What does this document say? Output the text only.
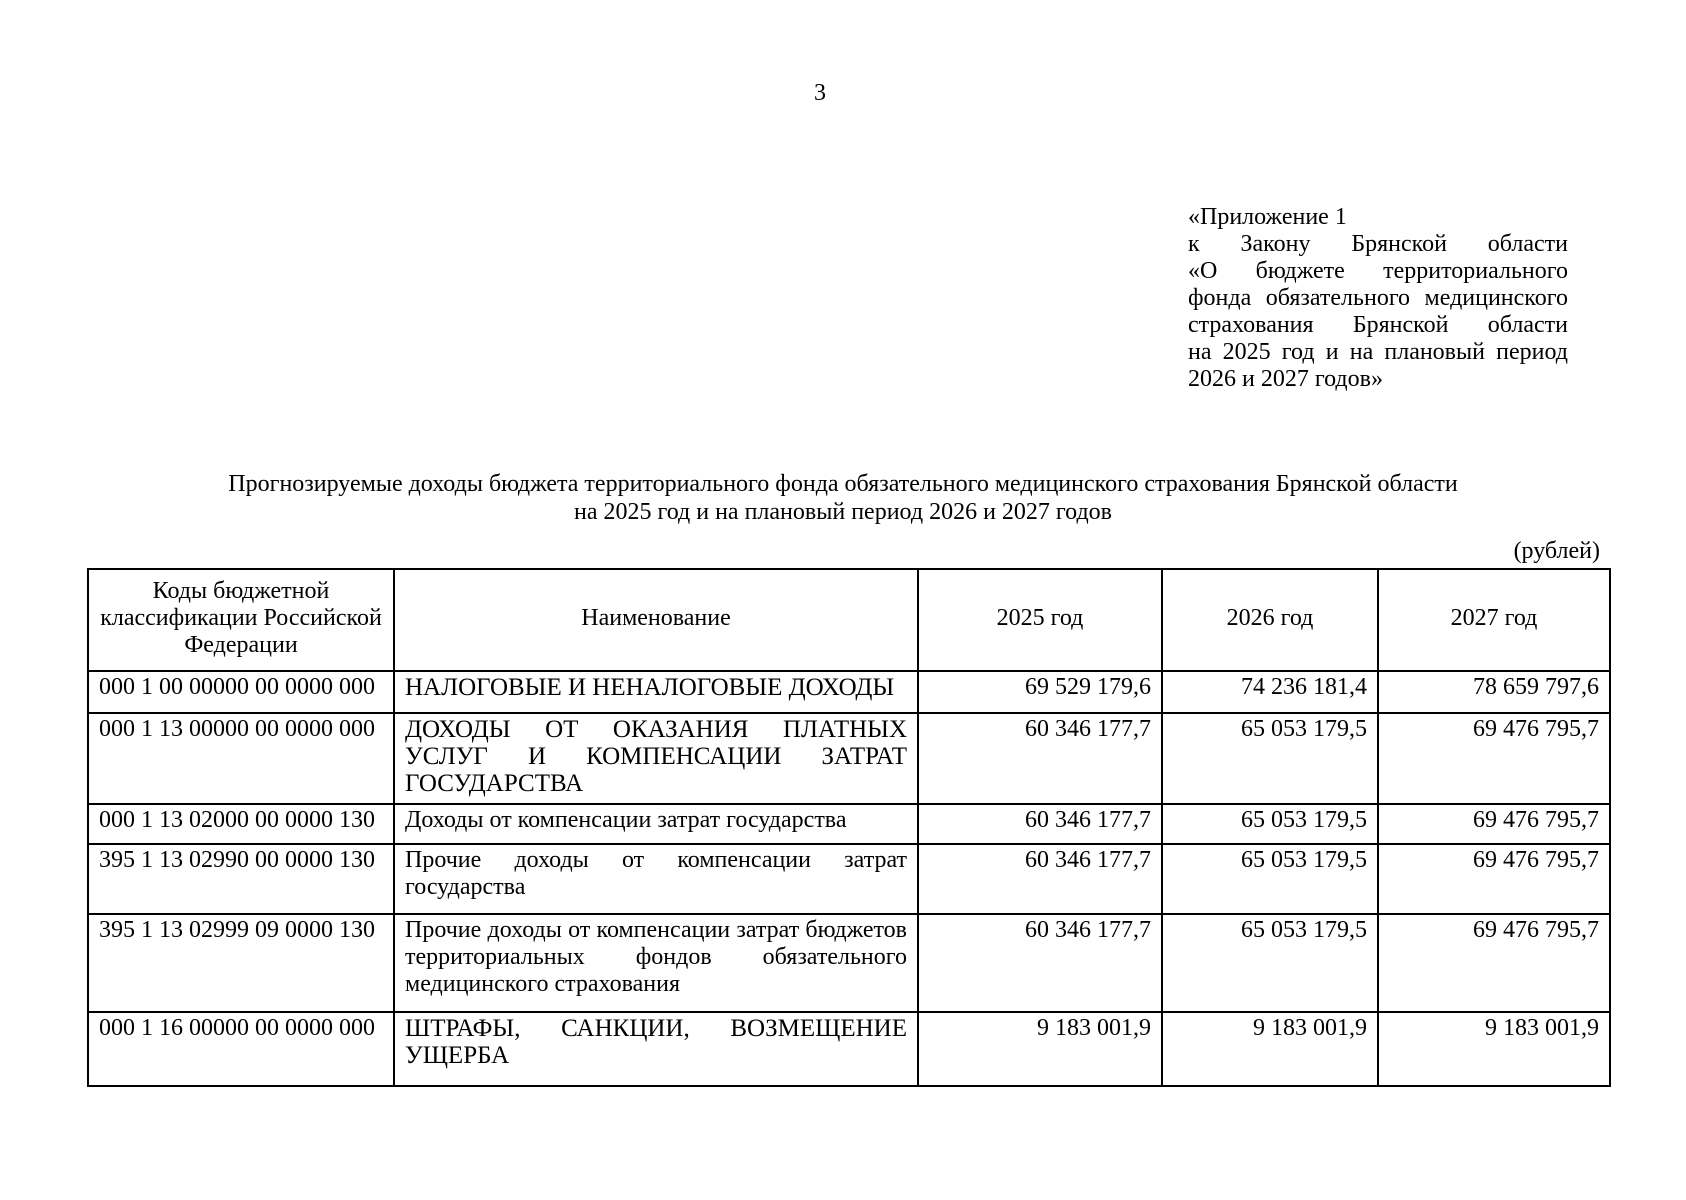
3
«Приложение 1
к Закону Брянской области
«О бюджете территориального
фонда обязательного медицинского
страхования Брянской области
на 2025 год и на плановый период
2026 и 2027 годов»
Прогнозируемые доходы бюджета территориального фонда обязательного медицинского страхования Брянской области
на 2025 год и на плановый период 2026 и 2027 годов
(рублей)
Коды бюджетной классификации Российской Федерации	Наименование	2025 год	2026 год	2027 год
000 1 00 00000 00 0000 000	НАЛОГОВЫЕ И НЕНАЛОГОВЫЕ ДОХОДЫ	69 529 179,6	74 236 181,4	78 659 797,6
000 1 13 00000 00 0000 000	ДОХОДЫ ОТ ОКАЗАНИЯ ПЛАТНЫХ УСЛУГ И КОМПЕНСАЦИИ ЗАТРАТ ГОСУДАРСТВА	60 346 177,7	65 053 179,5	69 476 795,7
000 1 13 02000 00 0000 130	Доходы от компенсации затрат государства	60 346 177,7	65 053 179,5	69 476 795,7
395 1 13 02990 00 0000 130	Прочие доходы от компенсации затрат государства	60 346 177,7	65 053 179,5	69 476 795,7
395 1 13 02999 09 0000 130	Прочие доходы от компенсации затрат бюджетов территориальных фондов обязательного медицинского страхования	60 346 177,7	65 053 179,5	69 476 795,7
000 1 16 00000 00 0000 000	ШТРАФЫ, САНКЦИИ, ВОЗМЕЩЕНИЕ УЩЕРБА	9 183 001,9	9 183 001,9	9 183 001,9
